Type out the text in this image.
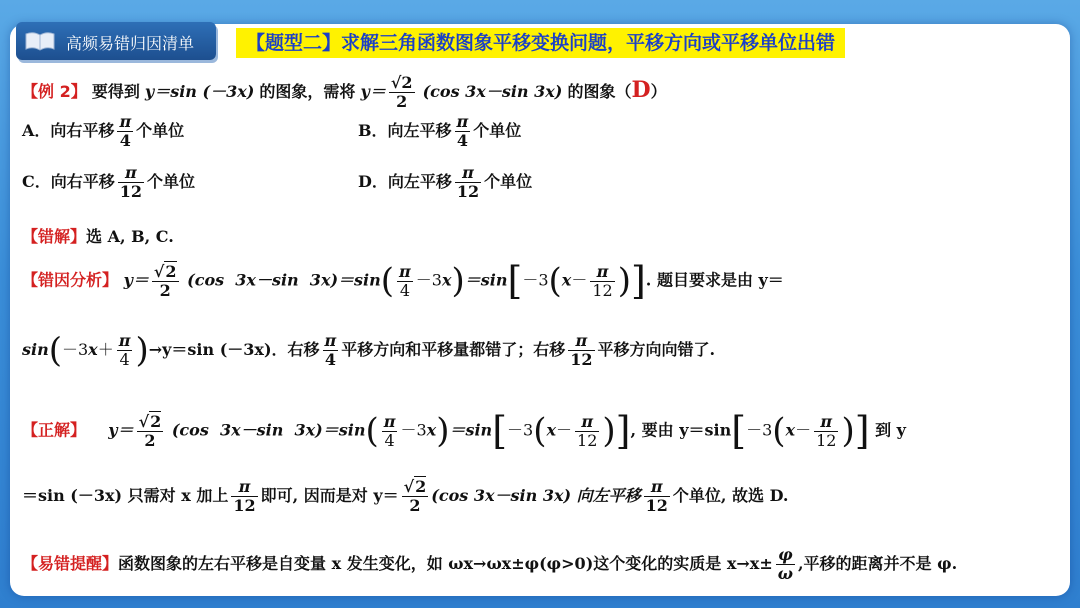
高频易错归因清单	【题型二】求解三角函数图象平移变换问题，平移方向或平移单位出错
【例 2】 要得到 y＝sin (－3x) 的图象，需将 $y= \frac{√2}{2} (\cos$ 3x－sin 3x) 的图象（D）
A．向右平移 $\frac{\pi}{4}$ 个单位	B．向左平移 $\frac{\pi}{4}$ 个单位
C．向右平移 $\frac{\pi}{12}$ 个单位	D．向左平移 $\frac{\pi}{12}$ 个单位
【错解】选 A, B, C.
【错因分析】 $y= \frac{√2}{2} (\cos$  3x－sin  $3x)=\sin( \frac{\pi}{4} -3x)=\sin[-3(x- \frac{\pi}{12}$ )]. 题目要求是由 y＝
$\sin(-3x+ \frac{\pi}{4} )\to y=\sin$ (－3x)．右移 $\frac{\pi}{4}$ 平移方向和平移量都错了；右移 $\frac{\pi}{12}$ 平移方向向错了.
【正解】 $y= \frac{√2}{2} (\cos$  3x－sin  $3x)=\sin( \frac{\pi}{4} -3x)=\sin[-3(x- \frac{\pi}{12}$ )], 要由 $y=\sin[-3(x- \frac{\pi}{12}$ )] 到 y
＝sin (－3x) 只需对 x 加上 $\frac{\pi}{12}$ 即可, 因而是对 $y= \frac{√2}{2} (\cos$ 3x－sin 3x) 向左平移 $\frac{\pi}{12}$ 个单位, 故选 D.
【易错提醒】函数图象的左右平移是自变量 x 发生变化，如 ωx→ωx±φ(φ>0)这个变化的实质是 $x\to x\pm \frac{\varphi}{\omega}$ ,平移的距离并不是 φ.
